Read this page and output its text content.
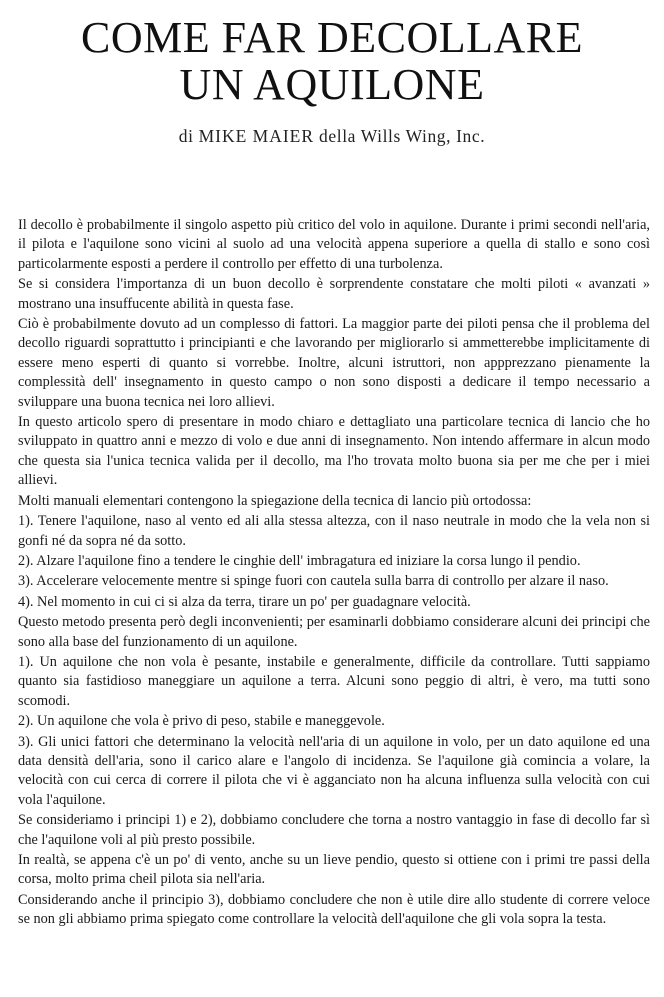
COME FAR DECOLLARE
UN AQUILONE
di MIKE MAIER della Wills Wing, Inc.

Il decollo è probabilmente il singolo aspetto più critico del volo in aquilone. Durante i primi secondi nell'aria, il pilota e l'aquilone sono vicini al suolo ad una velocità appena superiore a quella di stallo e sono così particolarmente esposti a perdere il controllo per effetto di una turbolenza.

Se si considera l'importanza di un buon decollo è sorprendente constatare che molti piloti « avanzati » mostrano una insuffucente abilità in questa fase.

Ciò è probabilmente dovuto ad un complesso di fattori. La maggior parte dei piloti pensa che il problema del decollo riguardi soprattutto i principianti e che lavorando per migliorarlo si ammetterebbe implicitamente di essere meno esperti di quanto si vorrebbe. Inoltre, alcuni istruttori, non appprezzano pienamente la complessità dell' insegnamento in questo campo o non sono disposti a dedicare il tempo necessario a sviluppare una buona tecnica nei loro allievi.

In questo articolo spero di presentare in modo chiaro e dettagliato una particolare tecnica di lancio che ho sviluppato in quattro anni e mezzo di volo e due anni di insegnamento. Non intendo affermare in alcun modo che questa sia l'unica tecnica valida per il decollo, ma l'ho trovata molto buona sia per me che per i miei allievi.

Molti manuali elementari contengono la spiegazione della tecnica di lancio più ortodossa:

1). Tenere l'aquilone, naso al vento ed ali alla stessa altezza, con il naso neutrale in modo che la vela non si gonfi né da sopra né da sotto.

2). Alzare l'aquilone fino a tendere le cinghie dell' imbragatura ed iniziare la corsa lungo il pendio.

3). Accelerare velocemente mentre si spinge fuori con cautela sulla barra di controllo per alzare il naso.

4). Nel momento in cui ci si alza da terra, tirare un po' per guadagnare velocità.

Questo metodo presenta però degli inconvenienti; per esaminarli dobbiamo considerare alcuni dei principi che sono alla base del funzionamento di un aquilone.

1). Un aquilone che non vola è pesante, instabile e generalmente, difficile da controllare. Tutti sappiamo quanto sia fastidioso maneggiare un aquilone a terra. Alcuni sono peggio di altri, è vero, ma tutti sono scomodi.

2). Un aquilone che vola è privo di peso, stabile e maneggevole.

3). Gli unici fattori che determinano la velocità nell'aria di un aquilone in volo, per un dato aquilone ed una data densità dell'aria, sono il carico alare e l'angolo di incidenza. Se l'aquilone già comincia a volare, la velocità con cui cerca di correre il pilota che vi è agganciato non ha alcuna influenza sulla velocità con cui vola l'aquilone.

Se consideriamo i principi 1) e 2), dobbiamo concludere che torna a nostro vantaggio in fase di decollo far sì che l'aquilone voli al più presto possibile.

In realtà, se appena c'è un po' di vento, anche su un lieve pendio, questo si ottiene con i primi tre passi della corsa, molto prima cheil pilota sia nell'aria.

Considerando anche il principio 3), dobbiamo concludere che non è utile dire allo studente di correre veloce se non gli abbiamo prima spiegato come controllare la velocità dell'aquilone che gli vola sopra la testa.
